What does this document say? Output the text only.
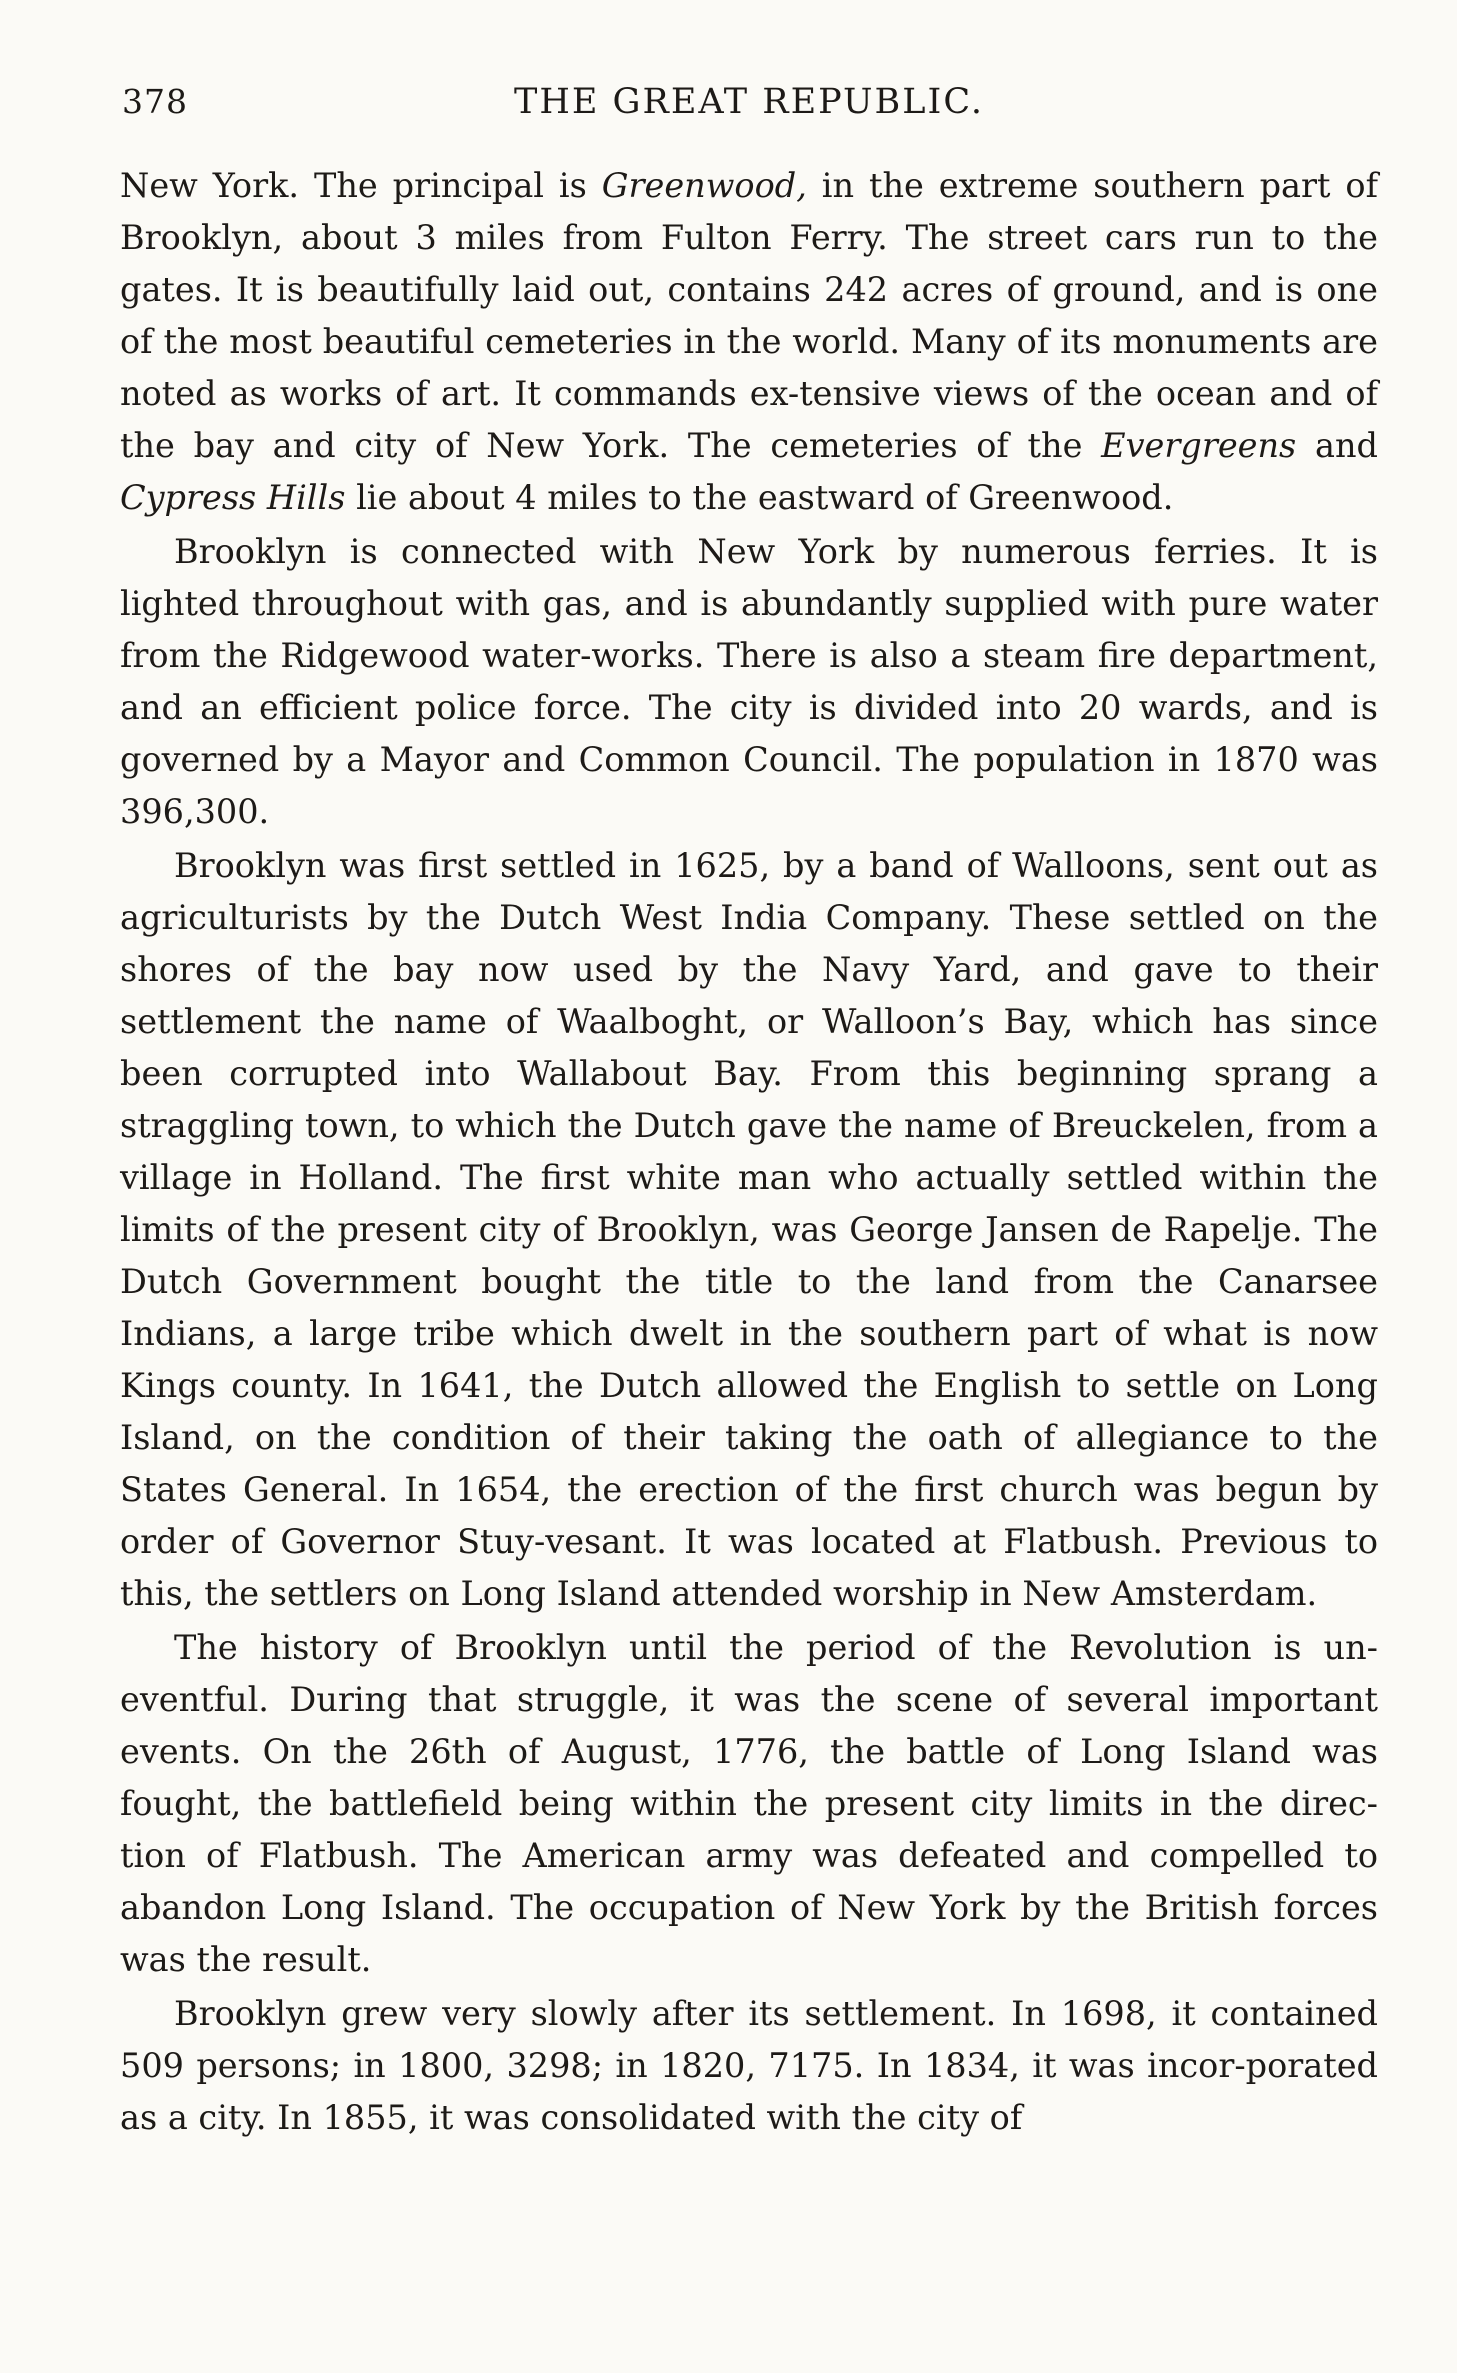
378	THE GREAT REPUBLIC.

New York. The principal is Greenwood, in the extreme southern part of Brooklyn, about 3 miles from Fulton Ferry. The street cars run to the gates. It is beautifully laid out, contains 242 acres of ground, and is one of the most beautiful cemeteries in the world. Many of its monuments are noted as works of art. It commands ex-tensive views of the ocean and of the bay and city of New York. The cemeteries of the Evergreens and Cypress Hills lie about 4 miles to the eastward of Greenwood.

Brooklyn is connected with New York by numerous ferries. It is lighted throughout with gas, and is abundantly supplied with pure water from the Ridgewood water-works. There is also a steam fire department, and an efficient police force. The city is divided into 20 wards, and is governed by a Mayor and Common Council. The population in 1870 was 396,300.

Brooklyn was first settled in 1625, by a band of Walloons, sent out as agriculturists by the Dutch West India Company. These settled on the shores of the bay now used by the Navy Yard, and gave to their settlement the name of Waalboght, or Walloon’s Bay, which has since been corrupted into Wallabout Bay. From this beginning sprang a straggling town, to which the Dutch gave the name of Breuckelen, from a village in Holland. The first white man who actually settled within the limits of the present city of Brooklyn, was George Jansen de Rapelje. The Dutch Government bought the title to the land from the Canarsee Indians, a large tribe which dwelt in the southern part of what is now Kings county. In 1641, the Dutch allowed the English to settle on Long Island, on the condition of their taking the oath of allegiance to the States General. In 1654, the erection of the first church was begun by order of Governor Stuy-vesant. It was located at Flatbush. Previous to this, the settlers on Long Island attended worship in New Amsterdam.

The history of Brooklyn until the period of the Revolution is un-eventful. During that struggle, it was the scene of several important events. On the 26th of August, 1776, the battle of Long Island was fought, the battlefield being within the present city limits in the direc-tion of Flatbush. The American army was defeated and compelled to abandon Long Island. The occupation of New York by the British forces was the result.

Brooklyn grew very slowly after its settlement. In 1698, it contained 509 persons; in 1800, 3298; in 1820, 7175. In 1834, it was incor-porated as a city. In 1855, it was consolidated with the city of
